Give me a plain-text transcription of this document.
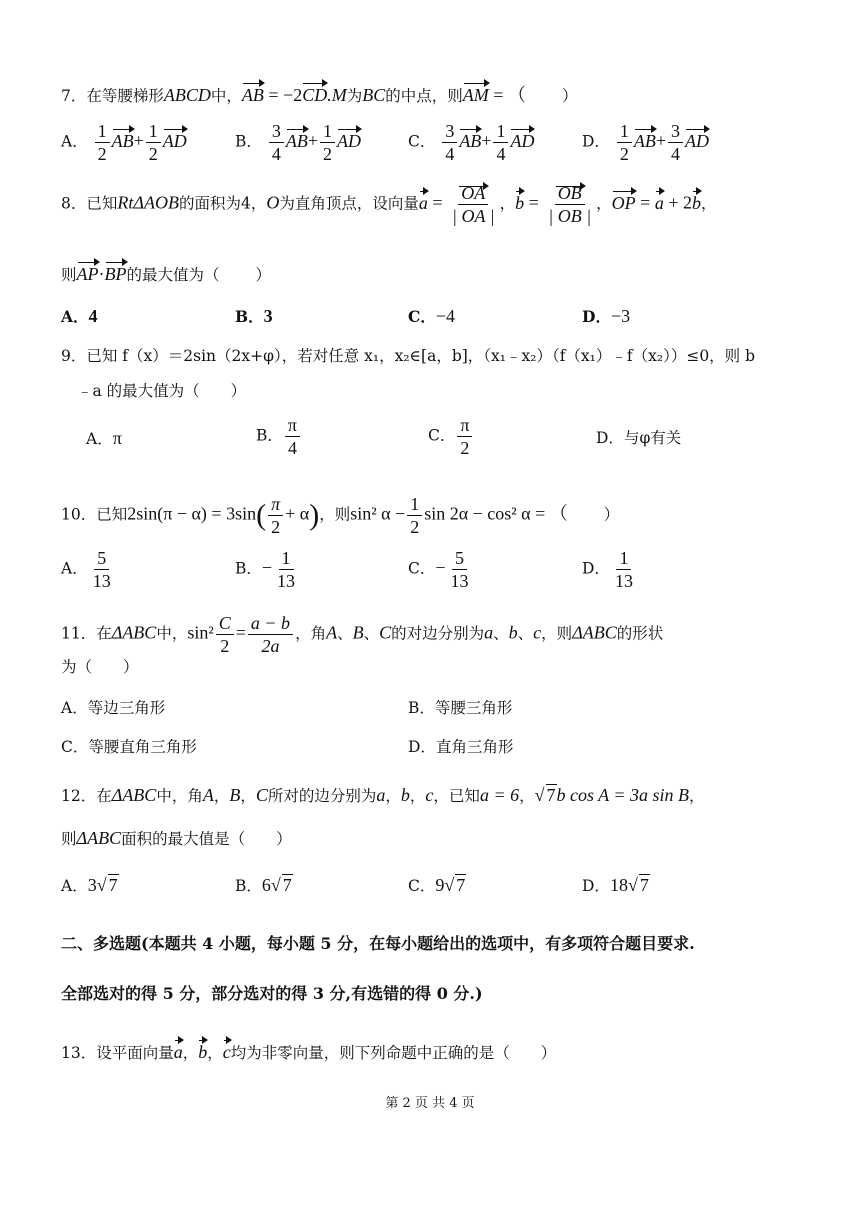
7．在等腰梯形ABCD中，AB = −2CD.M为BC的中点，则AM = （ ）
A． $\frac{1}{2} AB+ \frac{1}{2}$ AD	B． $\frac{3}{4} AB+ \frac{1}{2}$ AD	C． $\frac{3}{4} AB+ \frac{1}{4}$ AD	D． $\frac{1}{2} AB+ \frac{3}{4}$ AD
8．已知RtΔAOB的面积为4，O为直角顶点，设向量$a = \frac{OA}{| OA |}$ ，$b = \frac{OB}{| OB |}$ ，OP = a + 2b，
则AP·BP的最大值为（ ）
A．4	B．3	C．−4	D．−3
9．已知 f（x）＝2sin（2x+φ），若对任意 x₁，x₂∈[a，b]，（x₁﹣x₂）（f（x₁）﹣f（x₂））≤0，则 b
﹣a 的最大值为（　　）
A．π	B． $\frac{\pi}{4}$	C． $\frac{\pi}{2}$	D．与φ有关
10．已知$2\sin(\pi - \alpha) = 3\sin( \frac{\pi}{2} + \alpha)$，则sin² $\alpha - \frac{1}{2}$ sin 2α − cos² α = （ ）
A． $\frac{5}{13}$	B．− $\frac{1}{13}$	C．− $\frac{5}{13}$	D． $\frac{1}{13}$
11．在ΔABC中，$\sin^2 \frac{C}{2} = \frac{a - b}{2a}$ ，角A、B、C的对边分别为a、b、c，则ΔABC的形状
为（　　）
A．等边三角形	B．等腰三角形
C．等腰直角三角形	D．直角三角形
12．在ΔABC中，角A，B，C所对的边分别为a，b，c，已知a = 6，√ 7b cos A = 3a sin B，
则ΔABC面积的最大值是（　　）
A．3√ 7	B．6√ 7	C．9√ 7	D．18√ 7
二、多选题(本题共 4 小题，每小题 5 分，在每小题给出的选项中，有多项符合题目要求.
全部选对的得 5 分，部分选对的得 3 分,有选错的得 0 分.)
13．设平面向量a，b，c均为非零向量，则下列命题中正确的是（　　）
第 2 页 共 4 页
